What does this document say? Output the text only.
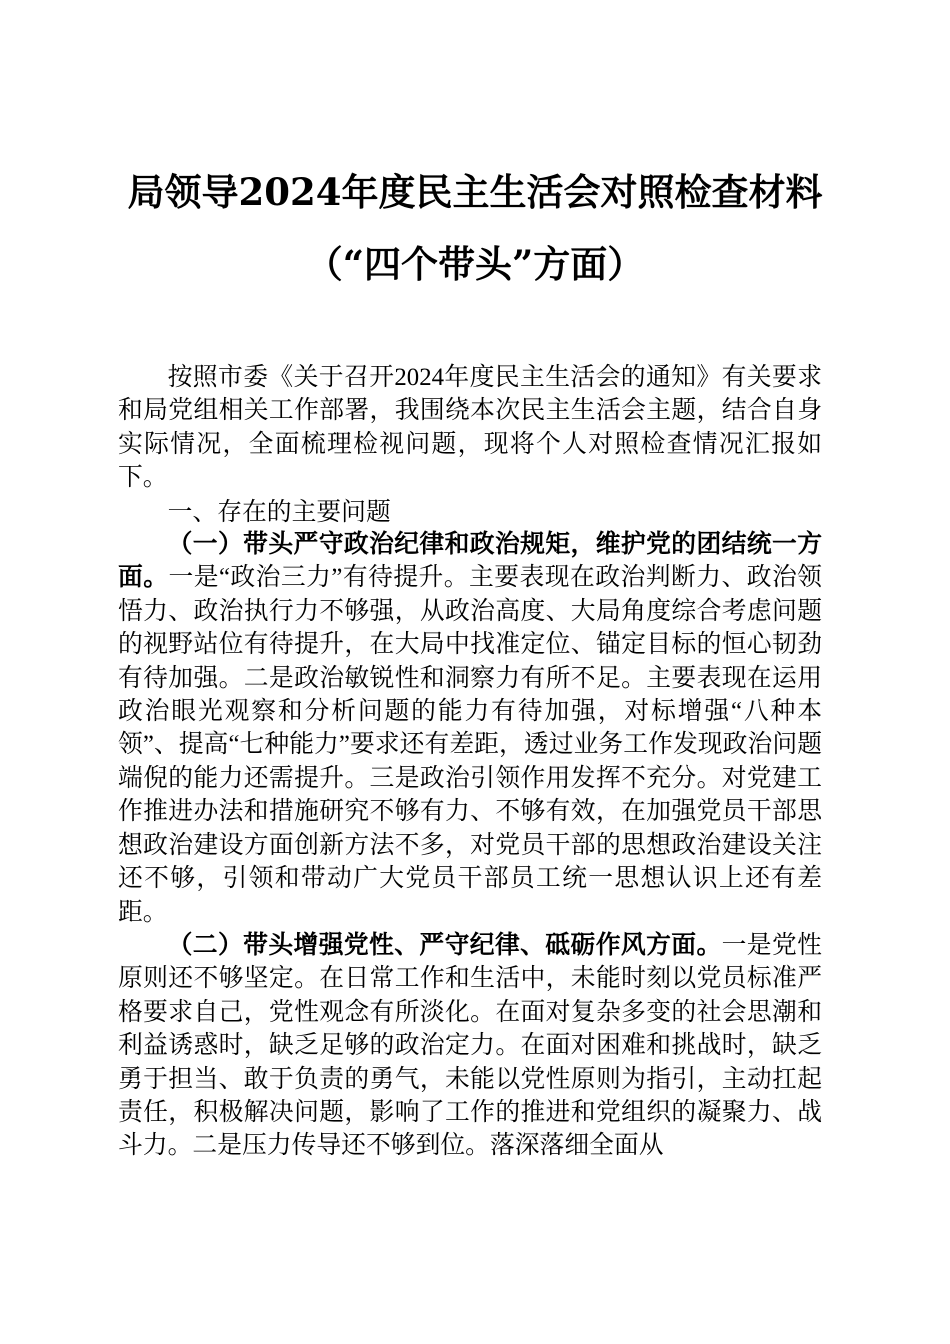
局领导2024年度民主生活会对照检查材料
（“四个带头”方面）

按照市委《关于召开2024年度民主生活会的通知》有关要求和局党组相关工作部署，我围绕本次民主生活会主题，结合自身实际情况，全面梳理检视问题，现将个人对照检查情况汇报如下。

一、存在的主要问题

（一）带头严守政治纪律和政治规矩，维护党的团结统一方面。一是“政治三力”有待提升。主要表现在政治判断力、政治领悟力、政治执行力不够强，从政治高度、大局角度综合考虑问题的视野站位有待提升，在大局中找准定位、锚定目标的恒心韧劲有待加强。二是政治敏锐性和洞察力有所不足。主要表现在运用政治眼光观察和分析问题的能力有待加强，对标增强“八种本领”、提高“七种能力”要求还有差距，透过业务工作发现政治问题端倪的能力还需提升。三是政治引领作用发挥不充分。对党建工作推进办法和措施研究不够有力、不够有效，在加强党员干部思想政治建设方面创新方法不多，对党员干部的思想政治建设关注还不够，引领和带动广大党员干部员工统一思想认识上还有差距。

（二）带头增强党性、严守纪律、砥砺作风方面。一是党性原则还不够坚定。在日常工作和生活中，未能时刻以党员标准严格要求自己，党性观念有所淡化。在面对复杂多变的社会思潮和利益诱惑时，缺乏足够的政治定力。在面对困难和挑战时，缺乏勇于担当、敢于负责的勇气，未能以党性原则为指引，主动扛起责任，积极解决问题，影响了工作的推进和党组织的凝聚力、战斗力。二是压力传导还不够到位。落深落细全面从
